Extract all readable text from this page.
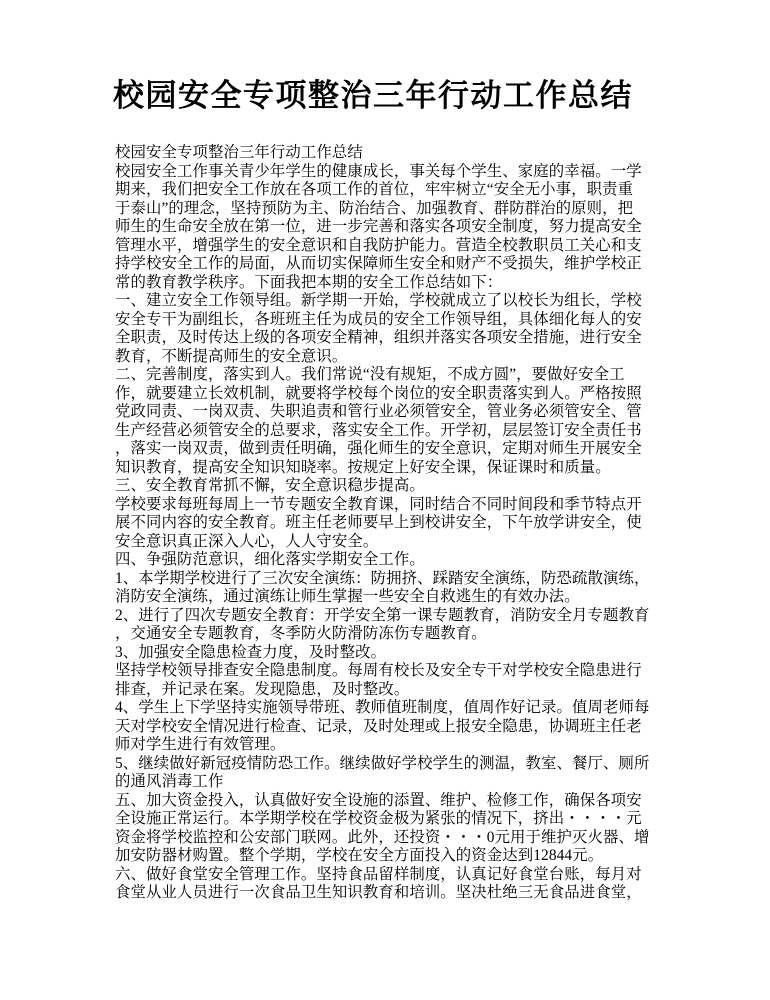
校园安全专项整治三年行动工作总结
校园安全专项整治三年行动工作总结
校园安全工作事关青少年学生的健康成长，事关每个学生、家庭的幸福。一学
期来，我们把安全工作放在各项工作的首位，牢牢树立“安全无小事，职责重
于泰山”的理念，坚持预防为主、防治结合、加强教育、群防群治的原则，把
师生的生命安全放在第一位，进一步完善和落实各项安全制度，努力提高安全
管理水平，增强学生的安全意识和自我防护能力。营造全校教职员工关心和支
持学校安全工作的局面，从而切实保障师生安全和财产不受损失，维护学校正
常的教育教学秩序。下面我把本期的安全工作总结如下：
一、建立安全工作领导组。新学期一开始，学校就成立了以校长为组长，学校
安全专干为副组长，各班班主任为成员的安全工作领导组，具体细化每人的安
全职责，及时传达上级的各项安全精神，组织并落实各项安全措施，进行安全
教育，不断提高师生的安全意识。
二、完善制度，落实到人。我们常说“没有规矩，不成方圆”，要做好安全工
作，就要建立长效机制，就要将学校每个岗位的安全职责落实到人。严格按照
党政同责、一岗双责、失职追责和管行业必须管安全，管业务必须管安全、管
生产经营必须管安全的总要求，落实安全工作。开学初，层层签订安全责任书
，落实一岗双责，做到责任明确，强化师生的安全意识，定期对师生开展安全
知识教育，提高安全知识知晓率。按规定上好安全课，保证课时和质量。
三、安全教育常抓不懈，安全意识稳步提高。
学校要求每班每周上一节专题安全教育课，同时结合不同时间段和季节特点开
展不同内容的安全教育。班主任老师要早上到校讲安全，下午放学讲安全，使
安全意识真正深入人心，人人守安全。
四、争强防范意识，细化落实学期安全工作。
1、本学期学校进行了三次安全演练：防拥挤、踩踏安全演练，防恐疏散演练，
消防安全演练，通过演练让师生掌握一些安全自救逃生的有效办法。
2、进行了四次专题安全教育：开学安全第一课专题教育，消防安全月专题教育
，交通安全专题教育，冬季防火防滑防冻伤专题教育。
3、加强安全隐患检查力度，及时整改。
坚持学校领导排查安全隐患制度。每周有校长及安全专干对学校安全隐患进行
排查，并记录在案。发现隐患，及时整改。
4、学生上下学坚持实施领导带班、教师值班制度，值周作好记录。值周老师每
天对学校安全情况进行检查、记录，及时处理或上报安全隐患，协调班主任老
师对学生进行有效管理。
5、继续做好新冠疫情防恐工作。继续做好学校学生的测温，教室、餐厅、厕所
的通风消毒工作
五、加大资金投入，认真做好安全设施的添置、维护、检修工作，确保各项安
全设施正常运行。本学期学校在学校资金极为紧张的情况下，挤出・・・・元
资金将学校监控和公安部门联网。此外，还投资・・・0元用于维护灭火器、增
加安防器材购置。整个学期，学校在安全方面投入的资金达到12844元。
六、做好食堂安全管理工作。坚持食品留样制度，认真记好食堂台账，每月对
食堂从业人员进行一次食品卫生知识教育和培训。坚决杜绝三无食品进食堂，
